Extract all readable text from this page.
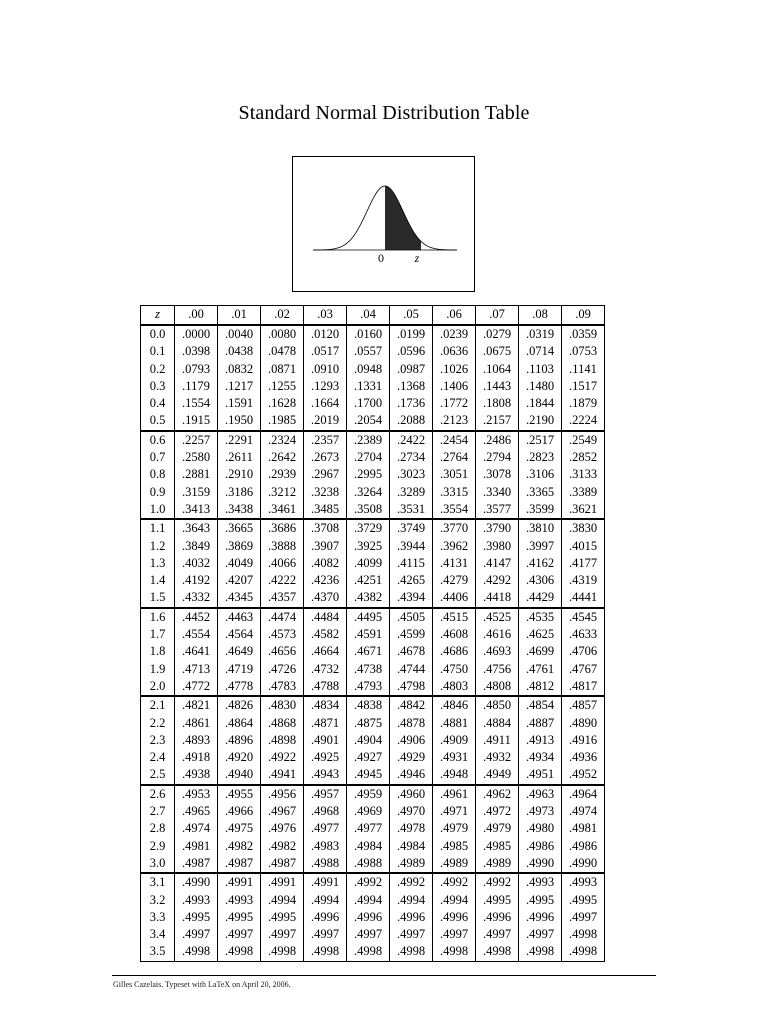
Standard Normal Distribution Table
0	z
z	.00	.01	.02	.03	.04	.05	.06	.07	.08	.09
0.0	.0000	.0040	.0080	.0120	.0160	.0199	.0239	.0279	.0319	.0359
0.1	.0398	.0438	.0478	.0517	.0557	.0596	.0636	.0675	.0714	.0753
0.2	.0793	.0832	.0871	.0910	.0948	.0987	.1026	.1064	.1103	.1141
0.3	.1179	.1217	.1255	.1293	.1331	.1368	.1406	.1443	.1480	.1517
0.4	.1554	.1591	.1628	.1664	.1700	.1736	.1772	.1808	.1844	.1879
0.5	.1915	.1950	.1985	.2019	.2054	.2088	.2123	.2157	.2190	.2224
0.6	.2257	.2291	.2324	.2357	.2389	.2422	.2454	.2486	.2517	.2549
0.7	.2580	.2611	.2642	.2673	.2704	.2734	.2764	.2794	.2823	.2852
0.8	.2881	.2910	.2939	.2967	.2995	.3023	.3051	.3078	.3106	.3133
0.9	.3159	.3186	.3212	.3238	.3264	.3289	.3315	.3340	.3365	.3389
1.0	.3413	.3438	.3461	.3485	.3508	.3531	.3554	.3577	.3599	.3621
1.1	.3643	.3665	.3686	.3708	.3729	.3749	.3770	.3790	.3810	.3830
1.2	.3849	.3869	.3888	.3907	.3925	.3944	.3962	.3980	.3997	.4015
1.3	.4032	.4049	.4066	.4082	.4099	.4115	.4131	.4147	.4162	.4177
1.4	.4192	.4207	.4222	.4236	.4251	.4265	.4279	.4292	.4306	.4319
1.5	.4332	.4345	.4357	.4370	.4382	.4394	.4406	.4418	.4429	.4441
1.6	.4452	.4463	.4474	.4484	.4495	.4505	.4515	.4525	.4535	.4545
1.7	.4554	.4564	.4573	.4582	.4591	.4599	.4608	.4616	.4625	.4633
1.8	.4641	.4649	.4656	.4664	.4671	.4678	.4686	.4693	.4699	.4706
1.9	.4713	.4719	.4726	.4732	.4738	.4744	.4750	.4756	.4761	.4767
2.0	.4772	.4778	.4783	.4788	.4793	.4798	.4803	.4808	.4812	.4817
2.1	.4821	.4826	.4830	.4834	.4838	.4842	.4846	.4850	.4854	.4857
2.2	.4861	.4864	.4868	.4871	.4875	.4878	.4881	.4884	.4887	.4890
2.3	.4893	.4896	.4898	.4901	.4904	.4906	.4909	.4911	.4913	.4916
2.4	.4918	.4920	.4922	.4925	.4927	.4929	.4931	.4932	.4934	.4936
2.5	.4938	.4940	.4941	.4943	.4945	.4946	.4948	.4949	.4951	.4952
2.6	.4953	.4955	.4956	.4957	.4959	.4960	.4961	.4962	.4963	.4964
2.7	.4965	.4966	.4967	.4968	.4969	.4970	.4971	.4972	.4973	.4974
2.8	.4974	.4975	.4976	.4977	.4977	.4978	.4979	.4979	.4980	.4981
2.9	.4981	.4982	.4982	.4983	.4984	.4984	.4985	.4985	.4986	.4986
3.0	.4987	.4987	.4987	.4988	.4988	.4989	.4989	.4989	.4990	.4990
3.1	.4990	.4991	.4991	.4991	.4992	.4992	.4992	.4992	.4993	.4993
3.2	.4993	.4993	.4994	.4994	.4994	.4994	.4994	.4995	.4995	.4995
3.3	.4995	.4995	.4995	.4996	.4996	.4996	.4996	.4996	.4996	.4997
3.4	.4997	.4997	.4997	.4997	.4997	.4997	.4997	.4997	.4997	.4998
3.5	.4998	.4998	.4998	.4998	.4998	.4998	.4998	.4998	.4998	.4998
Gilles Cazelais. Typeset with LaTeX on April 20, 2006.
